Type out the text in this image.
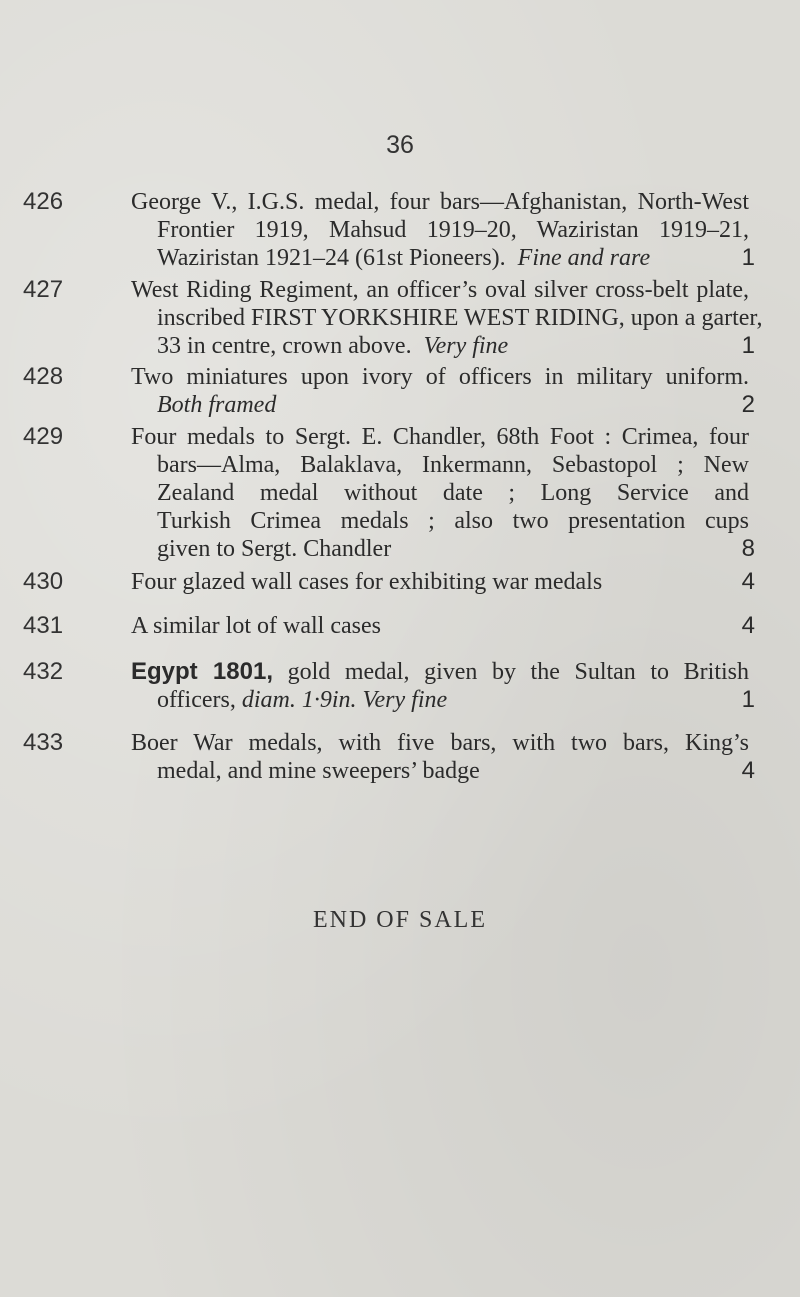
36
426	George V., I.G.S. medal, four bars—Afghanistan, North-West
Frontier 1919, Mahsud 1919–20, Waziristan 1919–21,
Waziristan 1921–24 (61st Pioneers). Fine and rare	1
427	West Riding Regiment, an officer’s oval silver cross-belt plate,
inscribed FIRST YORKSHIRE WEST RIDING, upon a garter,
33 in centre, crown above. Very fine	1
428	Two miniatures upon ivory of officers in military uniform.
Both framed	2
429	Four medals to Sergt. E. Chandler, 68th Foot : Crimea, four
bars—Alma, Balaklava, Inkermann, Sebastopol ; New
Zealand medal without date ; Long Service and
Turkish Crimea medals ; also two presentation cups
given to Sergt. Chandler	8
430	Four glazed wall cases for exhibiting war medals	4
431	A similar lot of wall cases	4
432	Egypt 1801, gold medal, given by the Sultan to British
officers, diam. 1·9in. Very fine	1
433	Boer War medals, with five bars, with two bars, King’s
medal, and mine sweepers’ badge	4
END OF SALE
